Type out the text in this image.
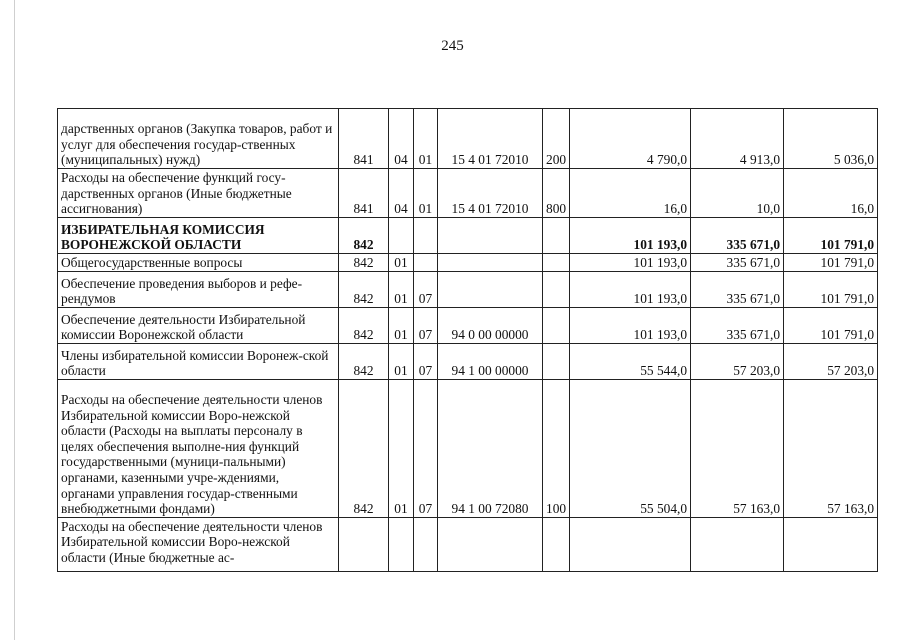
245
дарственных органов (Закупка товаров, работ и услуг для обеспечения государ-ственных (муниципальных) нужд)	841	04	01	15 4 01 72010	200	4 790,0	4 913,0	5 036,0
Расходы на обеспечение функций госу-дарственных органов (Иные бюджетные ассигнования)	841	04	01	15 4 01 72010	800	16,0	10,0	16,0
ИЗБИРАТЕЛЬНАЯ КОМИССИЯ ВОРОНЕЖСКОЙ ОБЛАСТИ	842					101 193,0	335 671,0	101 791,0
Общегосударственные вопросы	842	01				101 193,0	335 671,0	101 791,0
Обеспечение проведения выборов и рефе-рендумов	842	01	07			101 193,0	335 671,0	101 791,0
Обеспечение деятельности Избирательной комиссии Воронежской области	842	01	07	94 0 00 00000		101 193,0	335 671,0	101 791,0
Члены избирательной комиссии Воронеж-ской области	842	01	07	94 1 00 00000		55 544,0	57 203,0	57 203,0
Расходы на обеспечение деятельности членов Избирательной комиссии Воро-нежской области (Расходы на выплаты персоналу в целях обеспечения выполне-ния функций государственными (муници-пальными) органами, казенными учре-ждениями, органами управления государ-ственными внебюджетными фондами)	842	01	07	94 1 00 72080	100	55 504,0	57 163,0	57 163,0
Расходы на обеспечение деятельности членов Избирательной комиссии Воро-нежской области (Иные бюджетные ас-								
